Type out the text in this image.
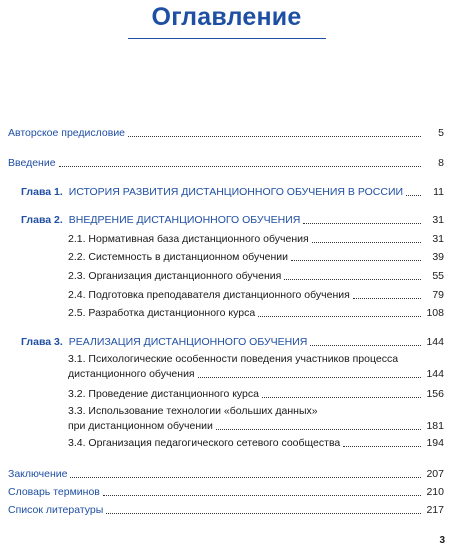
Оглавление
Авторское предисловие	5
Введение	8
Глава 1. ИСТОРИЯ РАЗВИТИЯ ДИСТАНЦИОННОГО ОБУЧЕНИЯ В РОССИИ	11
Глава 2. ВНЕДРЕНИЕ ДИСТАНЦИОННОГО ОБУЧЕНИЯ	31
2.1. Нормативная база дистанционного обучения	31
2.2. Системность в дистанционном обучении	39
2.3. Организация дистанционного обучения	55
2.4. Подготовка преподавателя дистанционного обучения	79
2.5. Разработка дистанционного курса	108
Глава 3. РЕАЛИЗАЦИЯ ДИСТАНЦИОННОГО ОБУЧЕНИЯ	144
3.1. Психологические особенности поведения участников процесса
дистанционного обучения	144
3.2. Проведение дистанционного курса	156
3.3. Использование технологии «больших данных»
при дистанционном обучении	181
3.4. Организация педагогического сетевого сообщества	194
Заключение	207
Словарь терминов	210
Список литературы	217
3
